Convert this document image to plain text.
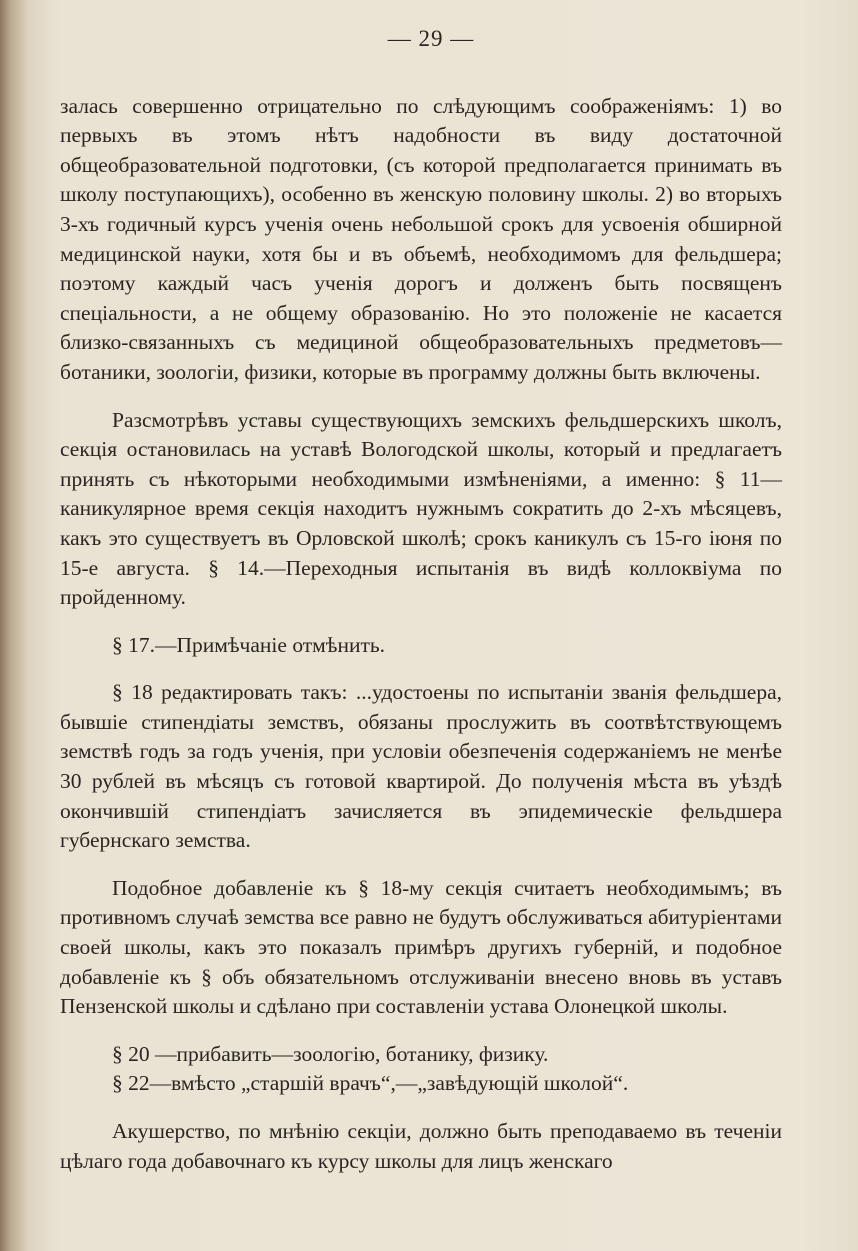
— 29 —

залась совершенно отрицательно по слѣдующимъ соображенiямъ: 1) во первыхъ въ этомъ нѣтъ надобности въ виду достаточной общеобразовательной подготовки, (съ которой предполагается принимать въ школу поступающихъ), особенно въ женскую половину школы. 2) во вторыхъ 3-хъ годичный курсъ ученiя очень небольшой срокъ для усвоенiя обширной медицинской науки, хотя бы и въ объемѣ, необходимомъ для фельдшера; поэтому каждый часъ ученiя дорогъ и долженъ быть посвященъ спецiальности, а не общему образованiю. Но это положенiе не касается близко-связанныхъ съ медициной общеобразовательныхъ предметовъ—ботаники, зоологiи, физики, которые въ программу должны быть включены.

Разсмотрѣвъ уставы существующихъ земскихъ фельдшерскихъ школъ, секцiя остановилась на уставѣ Вологодской школы, который и предлагаетъ принять съ нѣкоторыми необходимыми измѣненiями, а именно: § 11—каникулярное время секцiя находитъ нужнымъ сократить до 2-хъ мѣсяцевъ, какъ это существуетъ въ Орловской школѣ; срокъ каникулъ съ 15-го iюня по 15-е августа. § 14.—Переходныя испытанiя въ видѣ коллоквiума по пройденному.

§ 17.—Примѣчанiе отмѣнить.

§ 18 редактировать такъ: ...удостоены по испытанiи званiя фельдшера, бывшiе стипендiаты земствъ, обязаны прослужить въ соотвѣтствующемъ земствѣ годъ за годъ ученiя, при условiи обезпеченiя содержанiемъ не менѣе 30 рублей въ мѣсяцъ съ готовой квартирой. До полученiя мѣста въ уѣздѣ окончившiй стипендiатъ зачисляется въ эпидемическiе фельдшера губернскаго земства.

Подобное добавленiе къ § 18-му секцiя считаетъ необходимымъ; въ противномъ случаѣ земства все равно не будутъ обслуживаться абитурiентами своей школы, какъ это показалъ примѣръ другихъ губернiй, и подобное добавленiе къ § объ обязательномъ отслуживанiи внесено вновь въ уставъ Пензенской школы и сдѣлано при составленiи устава Олонецкой школы.

§ 20 —прибавить—зоологiю, ботанику, физику.

§ 22—вмѣсто „старшiй врачъ“,—„завѣдующiй школой“.

Акушерство, по мнѣнiю секцiи, должно быть преподаваемо въ теченiи цѣлаго года добавочнаго къ курсу школы для лицъ женскаго
